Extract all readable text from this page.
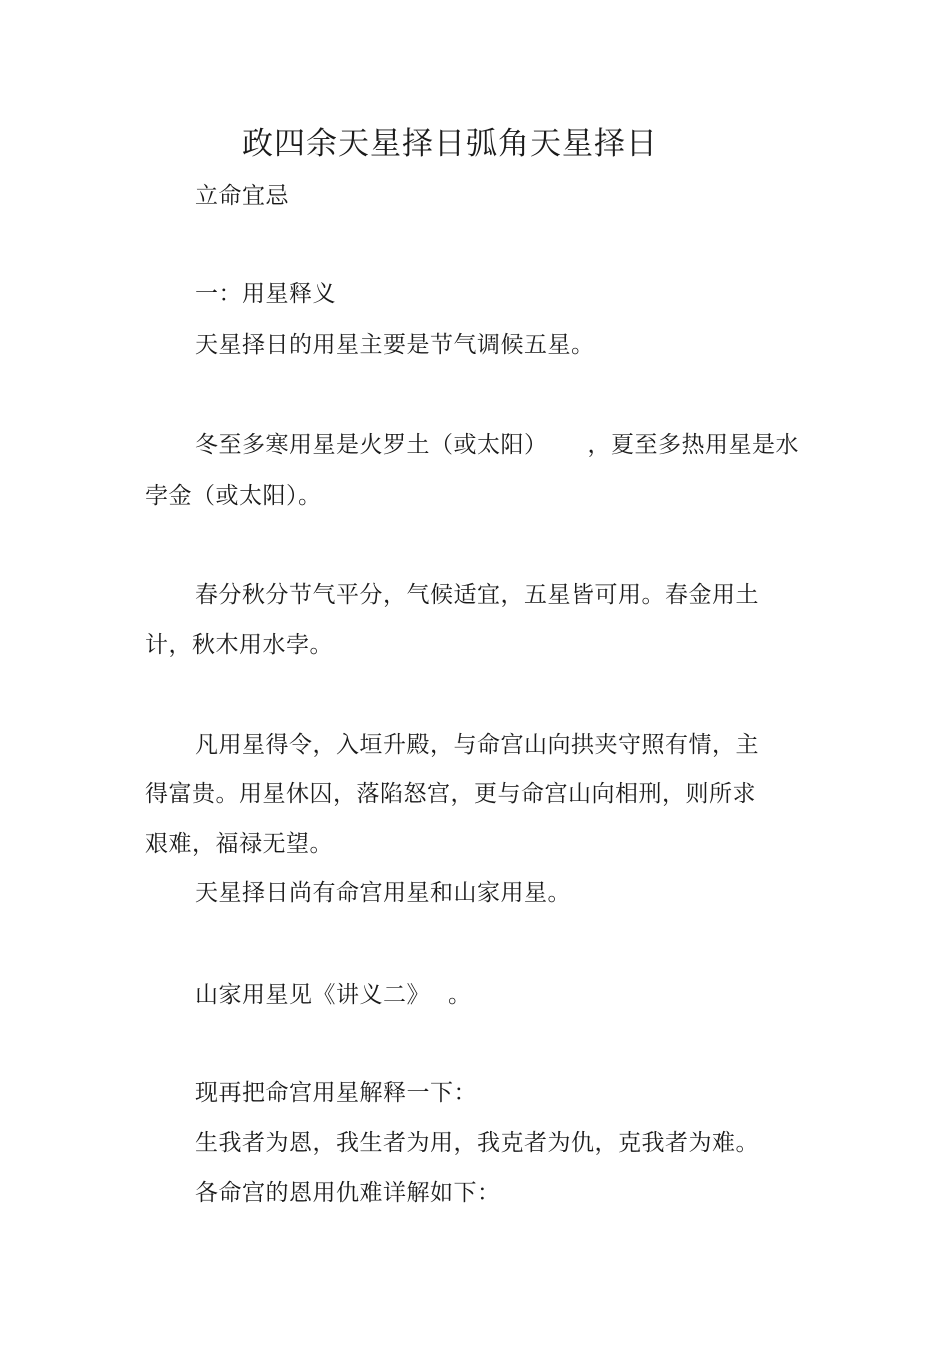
政四余天星择日弧角天星择日
立命宜忌
一：用星释义
天星择日的用星主要是节气调候五星。
冬至多寒用星是火罗土（或太阳） ，夏至多热用星是水
孛金（或太阳）。
春分秋分节气平分，气候适宜，五星皆可用。春金用土
计，秋木用水孛。
凡用星得令，入垣升殿，与命宫山向拱夹守照有情，主
得富贵。用星休囚，落陷怒宫，更与命宫山向相刑，则所求
艰难，福禄无望。
天星择日尚有命宫用星和山家用星。
山家用星见《讲义二》 。
现再把命宫用星解释一下：
生我者为恩，我生者为用，我克者为仇，克我者为难。
各命宫的恩用仇难详解如下：
